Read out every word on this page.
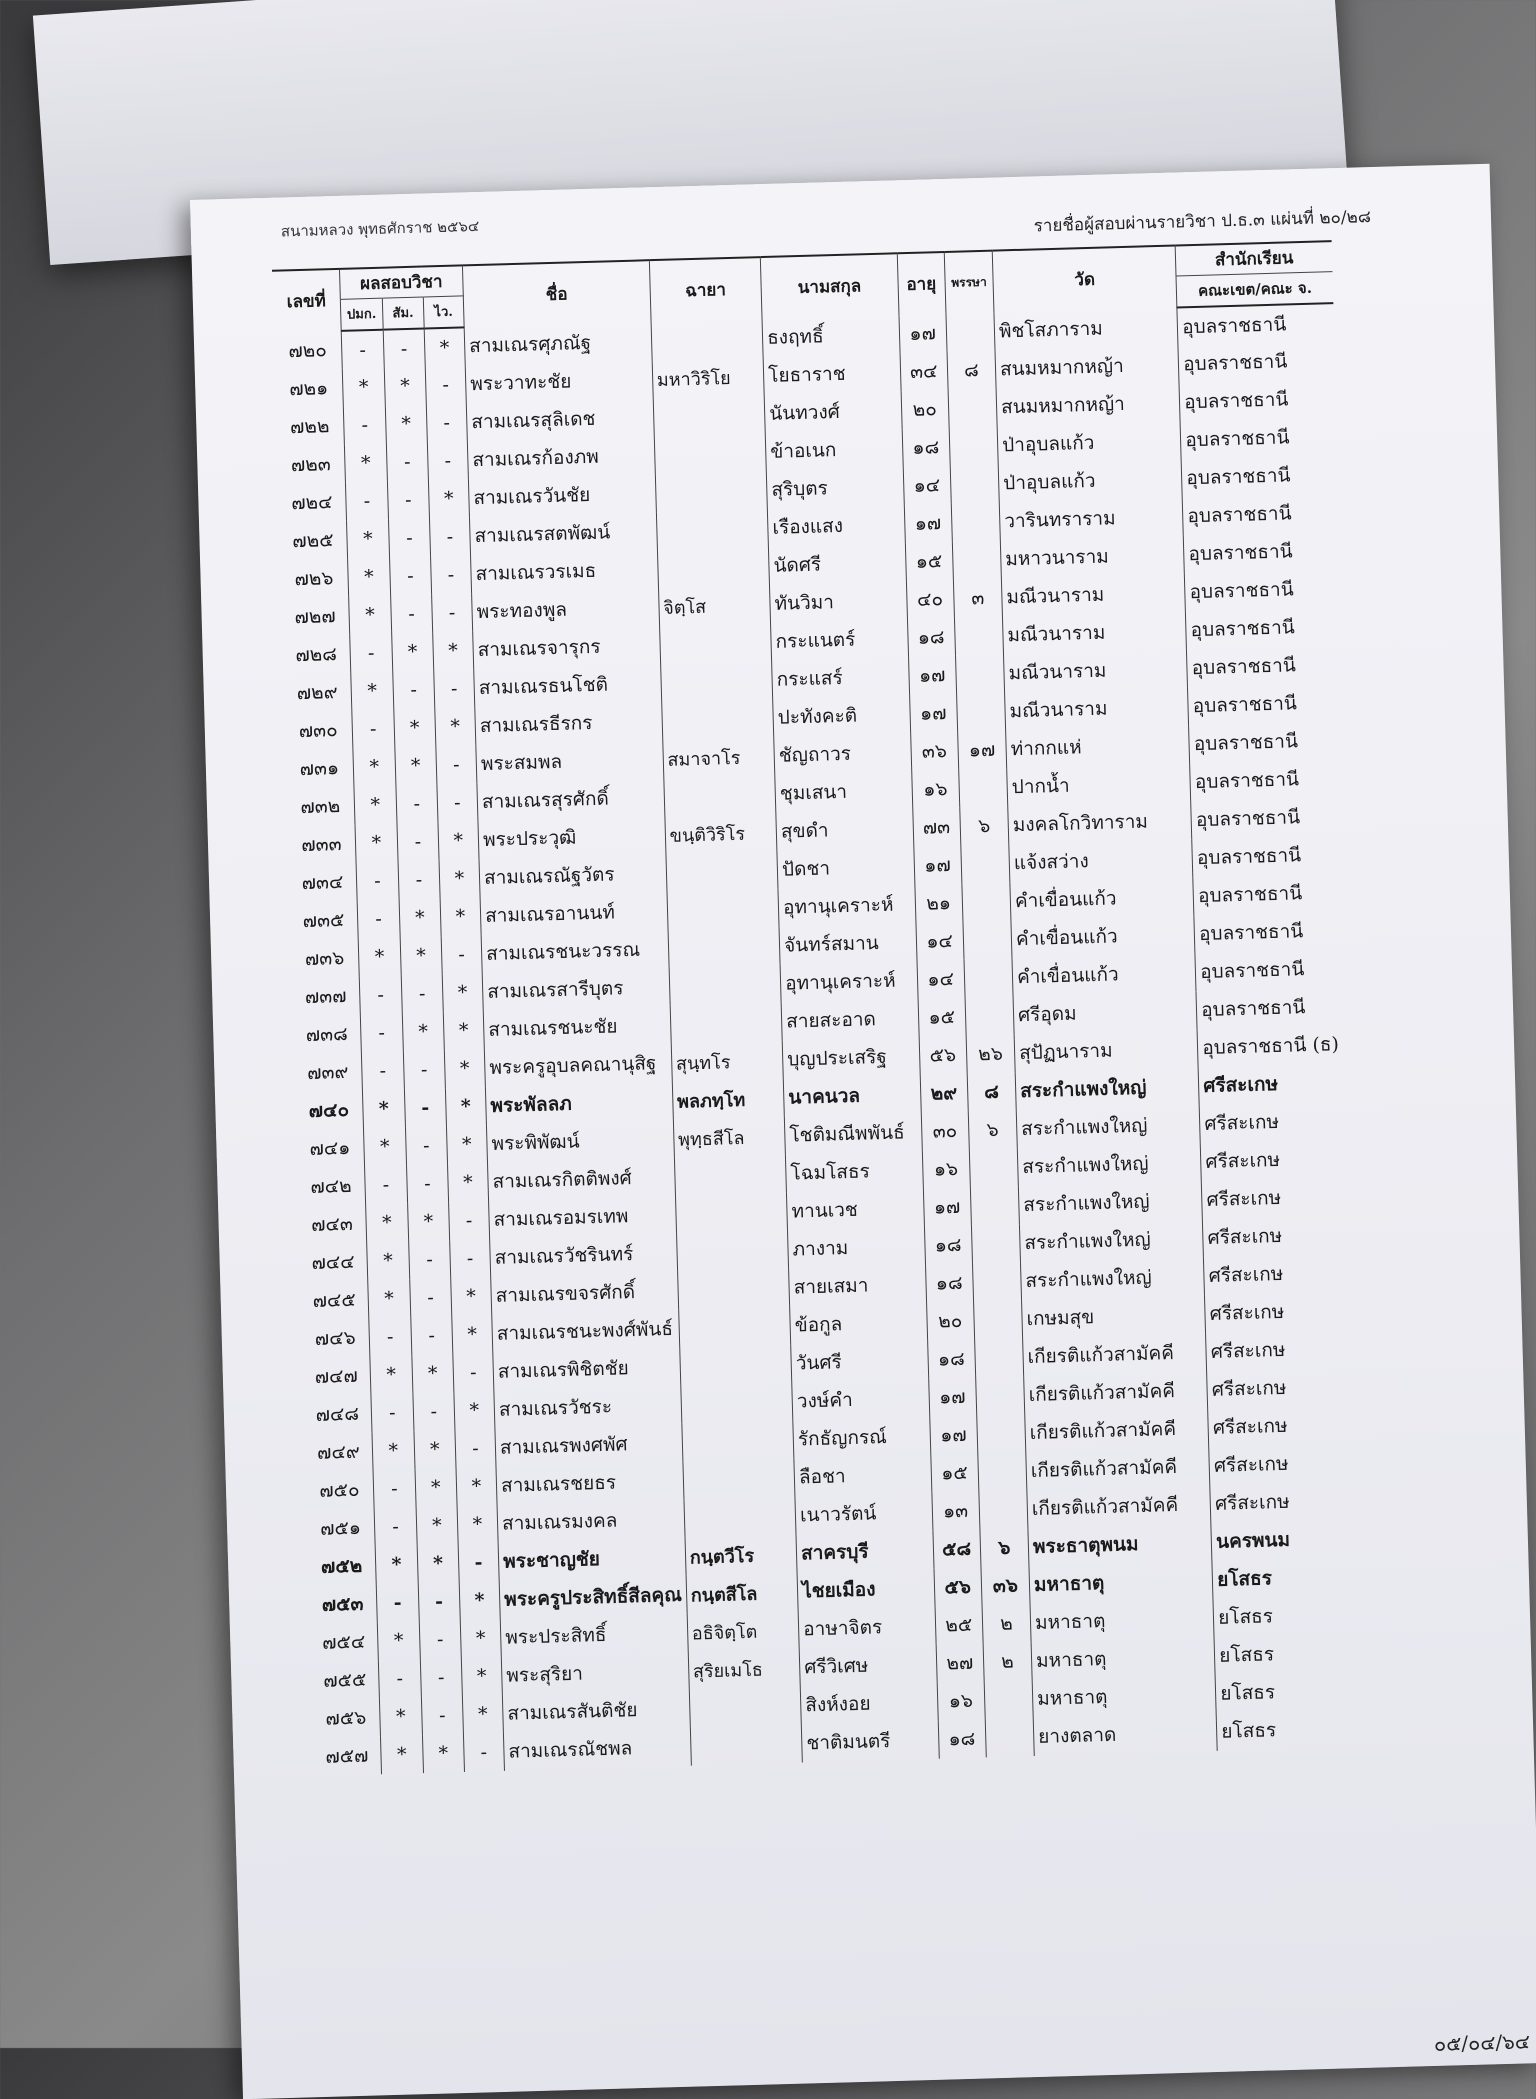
สนามหลวง พุทธศักราช ๒๕๖๔	รายชื่อผู้สอบผ่านรายวิชา ป.ธ.๓ แผ่นที่ ๒๐/๒๘
เลขที่	ผลสอบวิชา			ชื่อ	ฉายา	นามสกุล	อายุ	พรรษา	วัด	สำนักเรียน
	ปมก.	สัม.	ไว.							คณะเขต/คณะ จ.
๗๒๐	-	-	*	สามเณรศุภณัฐ		ธงฤทธิ์	๑๗		พิชโสภาราม	อุบลราชธานี
๗๒๑	*	*	-	พระวาทะชัย	มหาวิริโย	โยธาราช	๓๔	๘	สนมหมากหญ้า	อุบลราชธานี
๗๒๒	-	*	-	สามเณรสุลิเดช		นันทวงศ์	๒๐		สนมหมากหญ้า	อุบลราชธานี
๗๒๓	*	-	-	สามเณรก้องภพ		ข้าอเนก	๑๘		ป่าอุบลแก้ว	อุบลราชธานี
๗๒๔	-	-	*	สามเณรวันชัย		สุริบุตร	๑๔		ป่าอุบลแก้ว	อุบลราชธานี
๗๒๕	*	-	-	สามเณรสตพัฒน์		เรืองแสง	๑๗		วารินทราราม	อุบลราชธานี
๗๒๖	*	-	-	สามเณรวรเมธ		นัดศรี	๑๕		มหาวนาราม	อุบลราชธานี
๗๒๗	*	-	-	พระทองพูล	จิตฺโส	ทันวิมา	๔๐	๓	มณีวนาราม	อุบลราชธานี
๗๒๘	-	*	*	สามเณรจารุกร		กระแนตร์	๑๘		มณีวนาราม	อุบลราชธานี
๗๒๙	*	-	-	สามเณรธนโชติ		กระแสร์	๑๗		มณีวนาราม	อุบลราชธานี
๗๓๐	-	*	*	สามเณรธีรกร		ปะทังคะติ	๑๗		มณีวนาราม	อุบลราชธานี
๗๓๑	*	*	-	พระสมพล	สมาจาโร	ชัญถาวร	๓๖	๑๗	ท่ากกแห่	อุบลราชธานี
๗๓๒	*	-	-	สามเณรสุรศักดิ์		ชุมเสนา	๑๖		ปากน้ำ	อุบลราชธานี
๗๓๓	*	-	*	พระประวุฒิ	ขนฺติวิริโร	สุขดำ	๗๓	๖	มงคลโกวิทาราม	อุบลราชธานี
๗๓๔	-	-	*	สามเณรณัฐวัตร		ปัดชา	๑๗		แจ้งสว่าง	อุบลราชธานี
๗๓๕	-	*	*	สามเณรอานนท์		อุทานุเคราะห์	๒๑		คำเขื่อนแก้ว	อุบลราชธานี
๗๓๖	*	*	-	สามเณรชนะวรรณ		จันทร์สมาน	๑๔		คำเขื่อนแก้ว	อุบลราชธานี
๗๓๗	-	-	*	สามเณรสารีบุตร		อุทานุเคราะห์	๑๔		คำเขื่อนแก้ว	อุบลราชธานี
๗๓๘	-	*	*	สามเณรชนะชัย		สายสะอาด	๑๕		ศรีอุดม	อุบลราชธานี
๗๓๙	-	-	*	พระครูอุบลคณานุสิฐ	สุนฺทโร	บุญประเสริฐ	๕๖	๒๖	สุปัฏนาราม	อุบลราชธานี (ธ)
๗๔๐	*	-	*	พระพัลลภ	พลภทฺโท	นาคนวล	๒๙	๘	สระกำแพงใหญ่	ศรีสะเกษ
๗๔๑	*	-	*	พระพิพัฒน์	พุทฺธสีโล	โชติมณีพพันธ์	๓๐	๖	สระกำแพงใหญ่	ศรีสะเกษ
๗๔๒	-	-	*	สามเณรกิตติพงศ์		โฉมโสธร	๑๖		สระกำแพงใหญ่	ศรีสะเกษ
๗๔๓	*	*	-	สามเณรอมรเทพ		ทานเวช	๑๗		สระกำแพงใหญ่	ศรีสะเกษ
๗๔๔	*	-	-	สามเณรวัชรินทร์		ภางาม	๑๘		สระกำแพงใหญ่	ศรีสะเกษ
๗๔๕	*	-	*	สามเณรขจรศักดิ์		สายเสมา	๑๘		สระกำแพงใหญ่	ศรีสะเกษ
๗๔๖	-	-	*	สามเณรชนะพงศ์พันธ์		ข้อกูล	๒๐		เกษมสุข	ศรีสะเกษ
๗๔๗	*	*	-	สามเณรพิชิตชัย		วันศรี	๑๘		เกียรติแก้วสามัคคี	ศรีสะเกษ
๗๔๘	-	-	*	สามเณรวัชระ		วงษ์คำ	๑๗		เกียรติแก้วสามัคคี	ศรีสะเกษ
๗๔๙	*	*	-	สามเณรพงศพัศ		รักธัญกรณ์	๑๗		เกียรติแก้วสามัคคี	ศรีสะเกษ
๗๕๐	-	*	*	สามเณรชยธร		ลือชา	๑๕		เกียรติแก้วสามัคคี	ศรีสะเกษ
๗๕๑	-	*	*	สามเณรมงคล		เนาวรัตน์	๑๓		เกียรติแก้วสามัคคี	ศรีสะเกษ
๗๕๒	*	*	-	พระชาญชัย	กนฺตวีโร	สาครบุรี	๕๘	๖	พระธาตุพนม	นครพนม
๗๕๓	-	-	*	พระครูประสิทธิ์สีลคุณ	กนฺตสีโล	ไชยเมือง	๕๖	๓๖	มหาธาตุ	ยโสธร
๗๕๔	*	-	*	พระประสิทธิ์	อธิจิตฺโต	อาษาจิตร	๒๕	๒	มหาธาตุ	ยโสธร
๗๕๕	-	-	*	พระสุริยา	สุริยเมโธ	ศรีวิเศษ	๒๗	๒	มหาธาตุ	ยโสธร
๗๕๖	*	-	*	สามเณรสันติชัย		สิงห์งอย	๑๖		มหาธาตุ	ยโสธร
๗๕๗	*	*	-	สามเณรณัชพล		ชาติมนตรี	๑๘		ยางตลาด	ยโสธร
๐๕/๐๔/๖๔
